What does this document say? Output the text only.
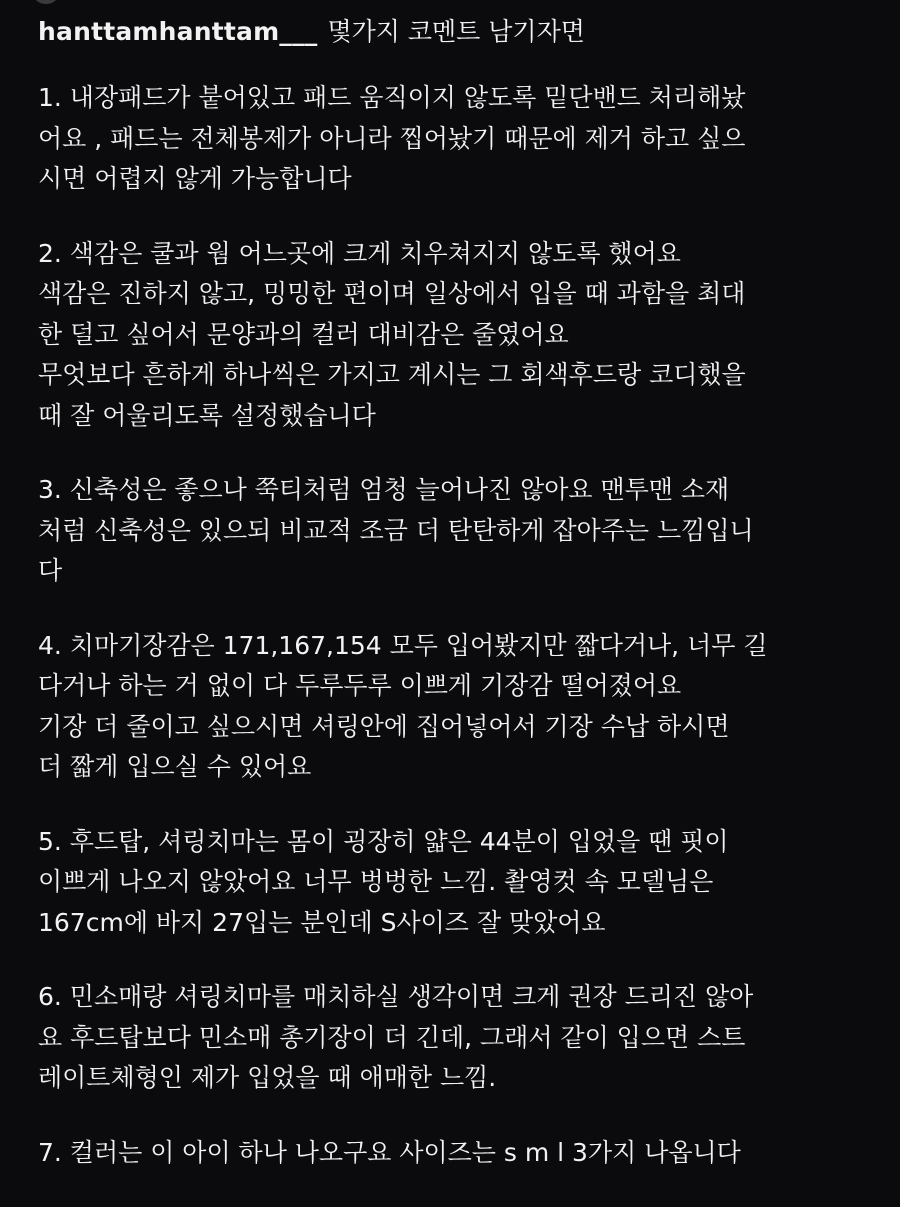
hanttamhanttam___ 몇가지 코멘트 남기자면
1. 내장패드가 붙어있고 패드 움직이지 않도록 밑단밴드 처리해놨
어요 , 패드는 전체봉제가 아니라 찝어놨기 때문에 제거 하고 싶으
시면 어렵지 않게 가능합니다
2. 색감은 쿨과 웜 어느곳에 크게 치우쳐지지 않도록 했어요
색감은 진하지 않고, 밍밍한 편이며 일상에서 입을 때 과함을 최대
한 덜고 싶어서 문양과의 컬러 대비감은 줄였어요
무엇보다 흔하게 하나씩은 가지고 계시는 그 회색후드랑 코디했을
때 잘 어울리도록 설정했습니다
3. 신축성은 좋으나 쭉티처럼 엄청 늘어나진 않아요 맨투맨 소재
처럼 신축성은 있으되 비교적 조금 더 탄탄하게 잡아주는 느낌입니
다
4. 치마기장감은 171,167,154 모두 입어봤지만 짧다거나, 너무 길
다거나 하는 거 없이 다 두루두루 이쁘게 기장감 떨어졌어요
기장 더 줄이고 싶으시면 셔링안에 집어넣어서 기장 수납 하시면
더 짧게 입으실 수 있어요
5. 후드탑, 셔링치마는 몸이 굉장히 얇은 44분이 입었을 땐 핏이
이쁘게 나오지 않았어요 너무 벙벙한 느낌. 촬영컷 속 모델님은
167cm에 바지 27입는 분인데 S사이즈 잘 맞았어요
6. 민소매랑 셔링치마를 매치하실 생각이면 크게 권장 드리진 않아
요 후드탑보다 민소매 총기장이 더 긴데, 그래서 같이 입으면 스트
레이트체형인 제가 입었을 때 애매한 느낌.
7. 컬러는 이 아이 하나 나오구요 사이즈는 s m l 3가지 나옵니다
